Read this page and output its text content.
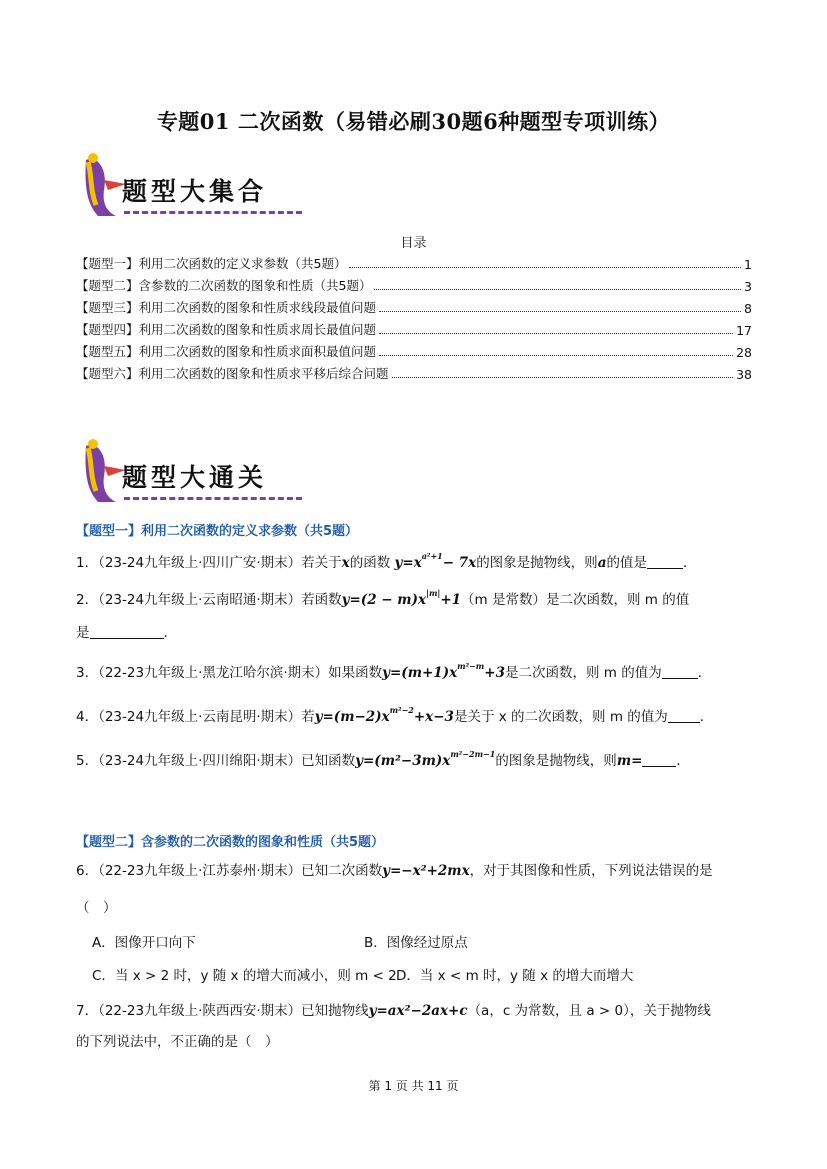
专题01 二次函数（易错必刷30题6种题型专项训练）
题型大集合
目录
【题型一】利用二次函数的定义求参数（共5题）	1
【题型二】含参数的二次函数的图象和性质（共5题）	3
【题型三】利用二次函数的图象和性质求线段最值问题	8
【题型四】利用二次函数的图象和性质求周长最值问题	17
【题型五】利用二次函数的图象和性质求面积最值问题	28
【题型六】利用二次函数的图象和性质求平移后综合问题	38
题型大通关
【题型一】利用二次函数的定义求参数（共5题）
1．（23-24九年级上·四川广安·期末）若关于x的函数 $y=x^{a^2+1}- 7x$的图象是抛物线，则a的值是	．
2．（23-24九年级上·云南昭通·期末）若函数$y=(2 - m)x^{|m|}+1(m$ 是常数）是二次函数，则 m 的值
是	．
3．（22-23九年级上·黑龙江哈尔滨·期末）如果函数$y=(m+1)x^{m^2-m}+3$是二次函数，则 m 的值为	．
4．（23-24九年级上·云南昆明·期末）若$y=(m-2)x^{m^2-2}+x-3$是关于 x 的二次函数，则 m 的值为 ．
5．（23-24九年级上·四川绵阳·期末）已知函数$y=(m^2-3m)x^{m^2-2m-1}$的图象是抛物线，则m=	．
【题型二】含参数的二次函数的图象和性质（共5题）
6．（22-23九年级上·江苏泰州·期末）已知二次函数y=−x²+2mx，对于其图像和性质，下列说法错误的是
（　）
A．图像开口向下	B．图像经过原点
C．当 x > 2 时，y 随 x 的增大而减小，则 m < 2 D．当 x < m 时，y 随 x 的增大而增大
7．（22-23九年级上·陕西西安·期末）已知抛物线y=ax²−2ax+c（a，c 为常数，且 a > 0），关于抛物线
的下列说法中，不正确的是（　）
第 1 页 共 11 页
